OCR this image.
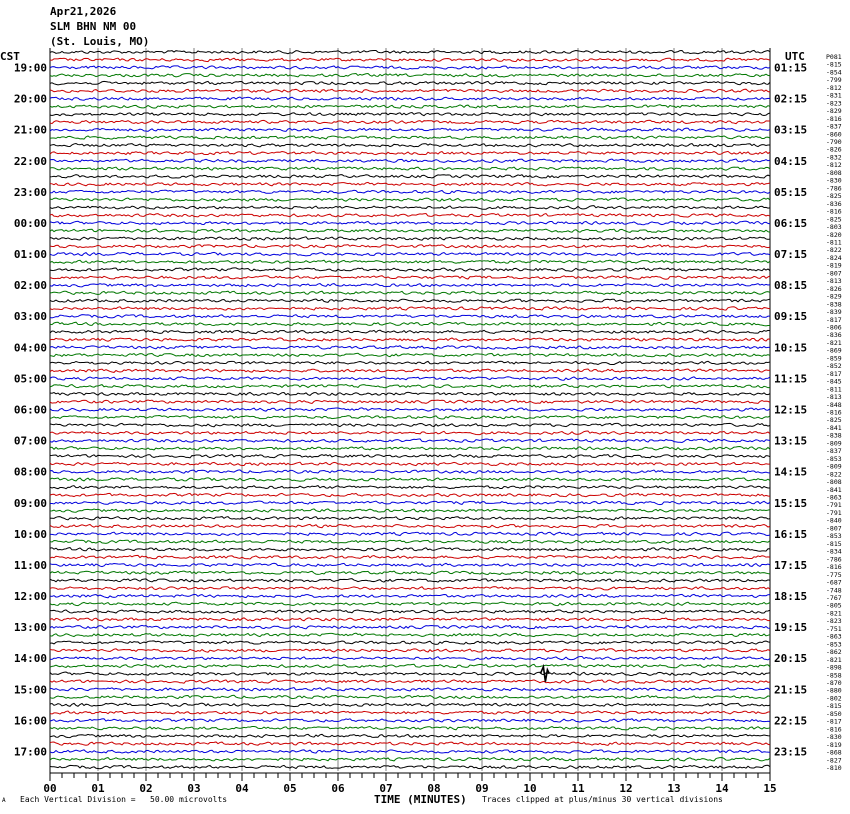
Apr21,2026
SLM BHN NM 00
(St. Louis, MO)
CST	UTC
19:00	01:15
20:00	02:15
21:00	03:15
22:00	04:15
23:00	05:15
00:00	06:15
01:00	07:15
02:00	08:15
03:00	09:15
04:00	10:15
05:00	11:15
06:00	12:15
07:00	13:15
08:00	14:15
09:00	15:15
10:00	16:15
11:00	17:15
12:00	18:15
13:00	19:15
14:00	20:15
15:00	21:15
16:00	22:15
17:00	23:15
P081
-815
-854
-799
-812
-831
-823
-829
-816
-837
-860
-790
-826
-832
-812
-808
-830
-786
-825
-836
-816
-825
-803
-820
-811
-822
-824
-819
-807
-813
-826
-829
-838
-839
-817
-806
-836
-821
-869
-859
-852
-817
-845
-811
-813
-848
-816
-825
-841
-838
-809
-837
-853
-809
-822
-808
-841
-863
-791
-791
-840
-807
-853
-815
-834
-786
-816
-775
-687
-748
-767
-805
-821
-823
-751
-863
-853
-862
-821
-898
-858
-870
-880
-802
-815
-850
-817
-816
-830
-819
-868
-827
-810
00	01	02	03	04	05	06	07	08	09	10	11	12	13	14	15
TIME (MINUTES)
A Each Vertical Division =   50.00 microvolts	Traces clipped at plus/minus 30 vertical divisions
